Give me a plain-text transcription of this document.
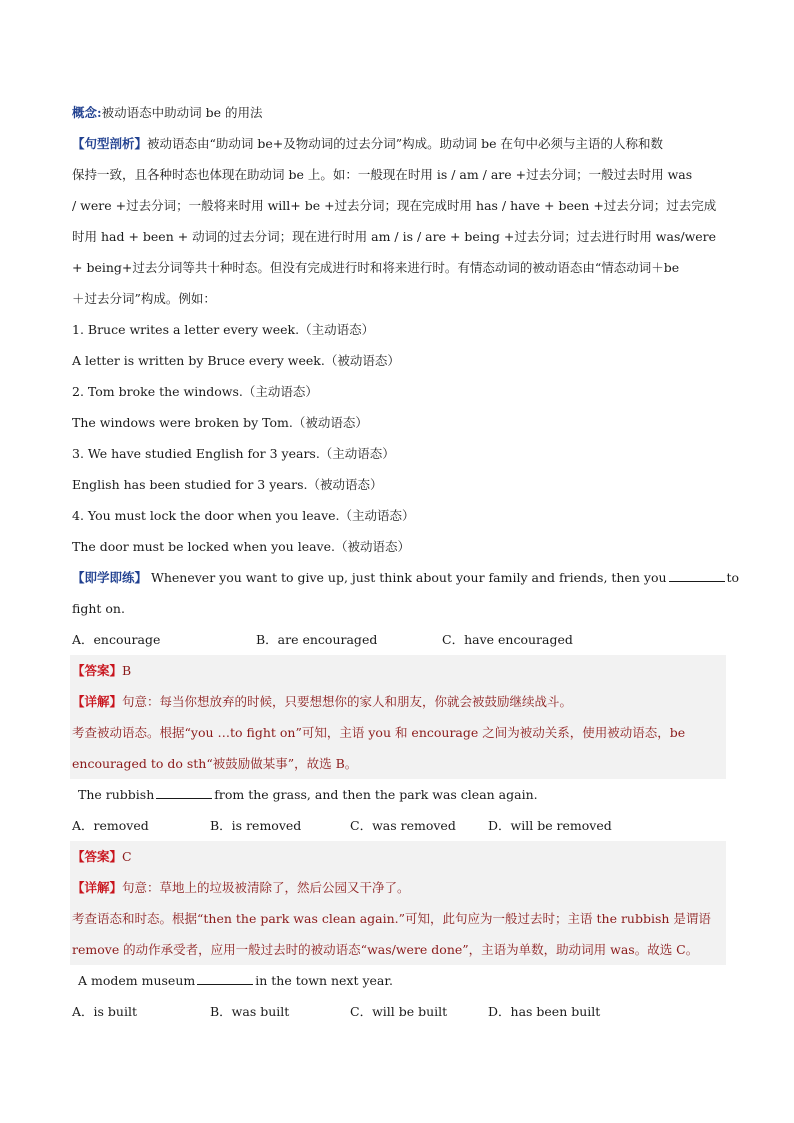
概念:被动语态中助动词 be 的用法
【句型剖析】被动语态由“助动词 be+及物动词的过去分词”构成。助动词 be 在句中必须与主语的人称和数
保持一致，且各种时态也体现在助动词 be 上。如：一般现在时用 is / am / are +过去分词；一般过去时用 was
/ were +过去分词；一般将来时用 will+ be +过去分词；现在完成时用 has / have + been +过去分词；过去完成
时用 had + been + 动词的过去分词；现在进行时用 am / is / are + being +过去分词；过去进行时用 was/were
+ being+过去分词等共十种时态。但没有完成进行时和将来进行时。有情态动词的被动语态由“情态动词＋be
＋过去分词”构成。例如：
1. Bruce writes a letter every week.（主动语态）
A letter is written by Bruce every week.（被动语态）
2. Tom broke the windows.（主动语态）
The windows were broken by Tom.（被动语态）
3. We have studied English for 3 years.（主动语态）
English has been studied for 3 years.（被动语态）
4. You must lock the door when you leave.（主动语态）
The door must be locked when you leave.（被动语态）
【即学即练】 Whenever you want to give up, just think about your family and friends, then you	to
fight on.
A．encourage	B．are encouraged	C．have encouraged
【答案】B
【详解】句意：每当你想放弃的时候，只要想想你的家人和朋友，你就会被鼓励继续战斗。
考查被动语态。根据“you …to fight on”可知，主语 you 和 encourage 之间为被动关系，使用被动语态，be
encouraged to do sth“被鼓励做某事”，故选 B。
The rubbish	from the grass, and then the park was clean again.
A．removed	B．is removed	C．was removed	D．will be removed
【答案】C
【详解】句意：草地上的垃圾被清除了，然后公园又干净了。
考查语态和时态。根据“then the park was clean again.”可知，此句应为一般过去时；主语 the rubbish 是谓语
remove 的动作承受者，应用一般过去时的被动语态“was/were done”，主语为单数，助动词用 was。故选 C。
A modem museum	in the town next year.
A．is built	B．was built	C．will be built	D．has been built
